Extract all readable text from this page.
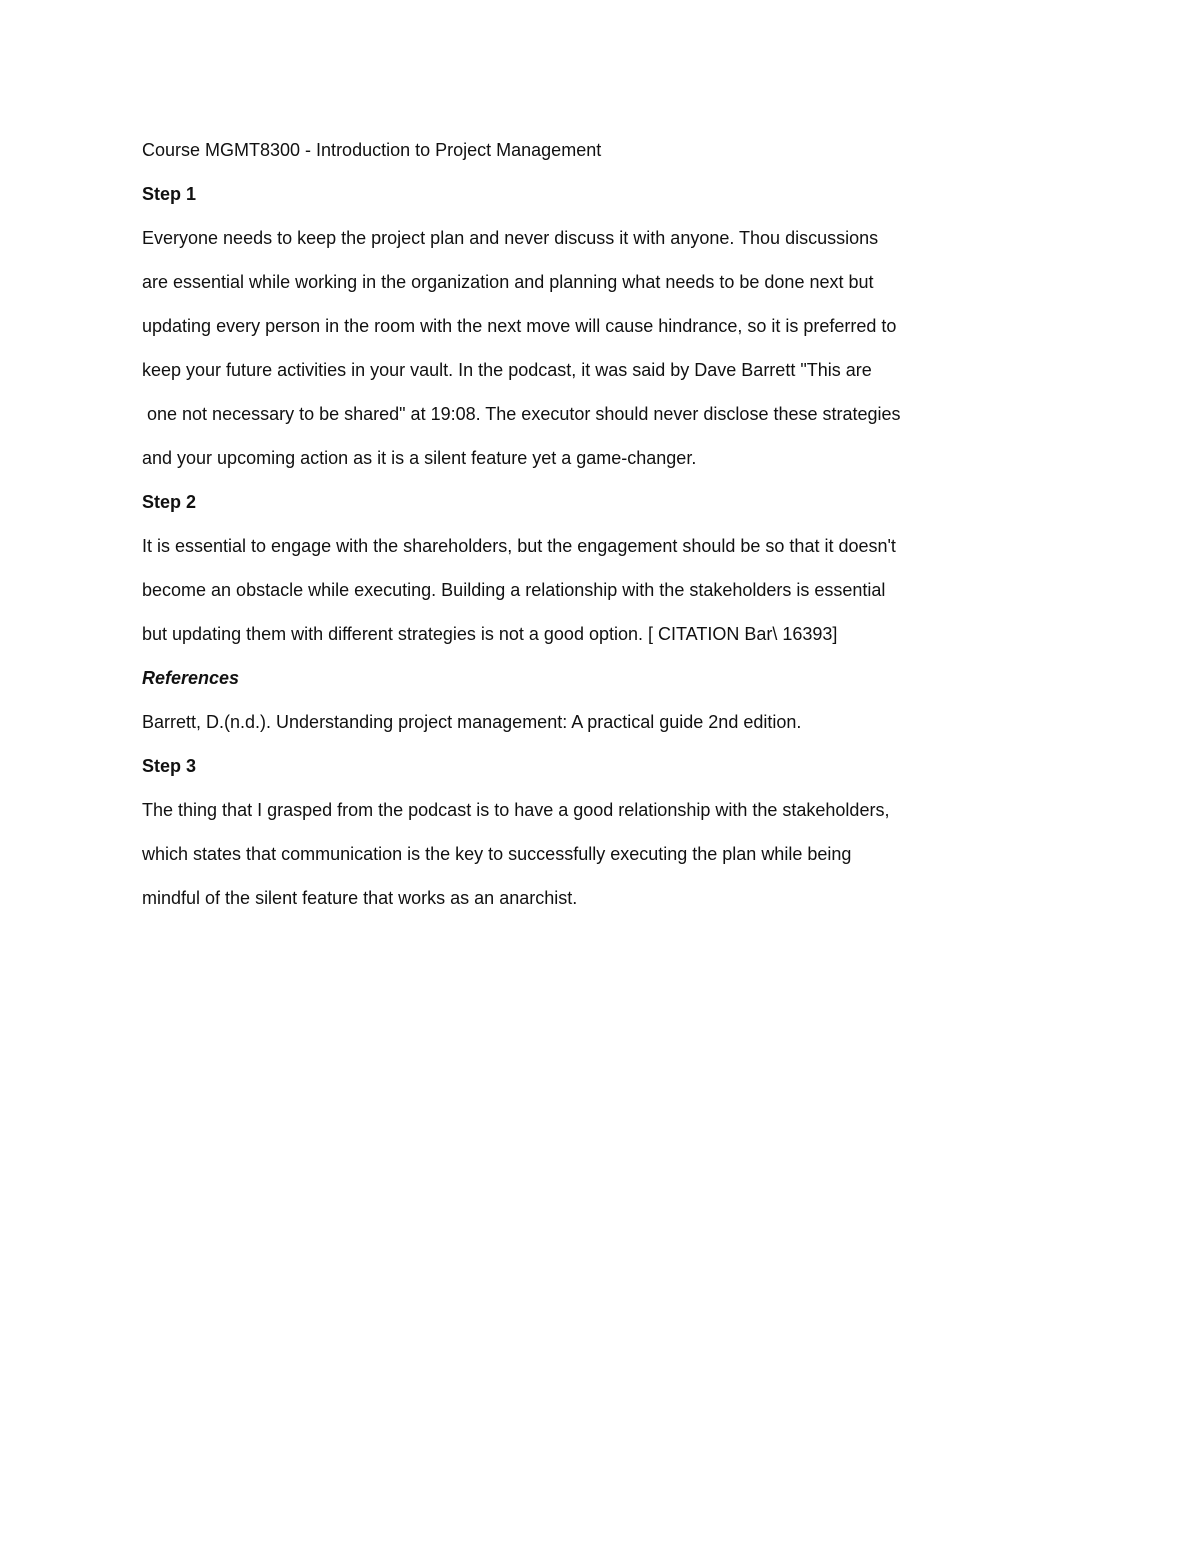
Course MGMT8300 - Introduction to Project Management

Step 1

Everyone needs to keep the project plan and never discuss it with anyone. Thou discussions

are essential while working in the organization and planning what needs to be done next but

updating every person in the room with the next move will cause hindrance, so it is preferred to

keep your future activities in your vault. In the podcast, it was said by Dave Barrett "This are

one not necessary to be shared" at 19:08. The executor should never disclose these strategies

and your upcoming action as it is a silent feature yet a game-changer.

Step 2

It is essential to engage with the shareholders, but the engagement should be so that it doesn't

become an obstacle while executing. Building a relationship with the stakeholders is essential

but updating them with different strategies is not a good option. [ CITATION Bar\ 16393]

References

Barrett, D.(n.d.). Understanding project management: A practical guide 2nd edition.

Step 3

The thing that I grasped from the podcast is to have a good relationship with the stakeholders,

which states that communication is the key to successfully executing the plan while being

mindful of the silent feature that works as an anarchist.
